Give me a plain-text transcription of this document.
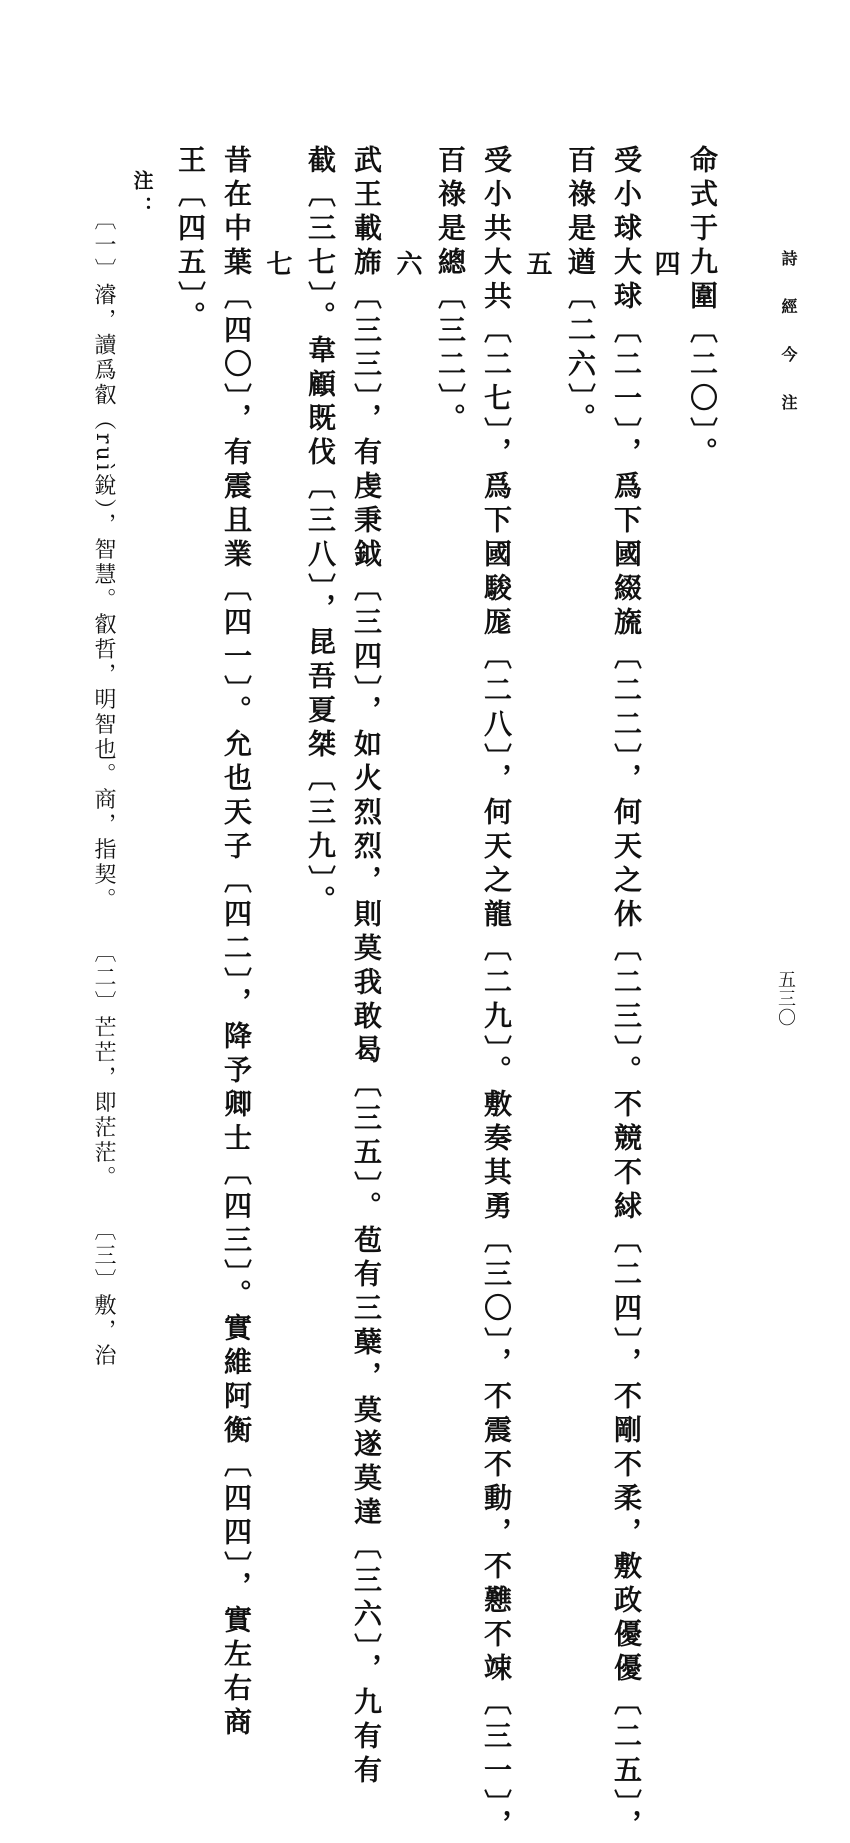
詩經今注
五三〇
命式于九圍〔二〇〕。
四
受小球大球〔二一〕，爲下國綴旒〔二二〕，何天之休〔二三〕。不競不絿〔二四〕，不剛不柔，敷政優優〔二五〕，
百祿是遒〔二六〕。
五
受小共大共〔二七〕，爲下國駿厖〔二八〕，何天之龍〔二九〕。敷奏其勇〔三〇〕，不震不動，不戁不竦〔三一〕，
百祿是總〔三二〕。
六
武王載旆〔三三〕，有虔秉鉞〔三四〕，如火烈烈，則莫我敢曷〔三五〕。苞有三蘖，莫遂莫達〔三六〕，九有有
截〔三七〕。韋顧既伐〔三八〕，昆吾夏桀〔三九〕。
七
昔在中葉〔四〇〕，有震且業〔四一〕。允也天子〔四二〕，降予卿士〔四三〕。實維阿衡〔四四〕，實左右商
王〔四五〕。
注：
〔一〕濬，讀爲叡（ruì銳），智慧。叡哲，明智也。商，指契。　　〔二〕芒芒，即茫茫。　　〔三〕敷，治
